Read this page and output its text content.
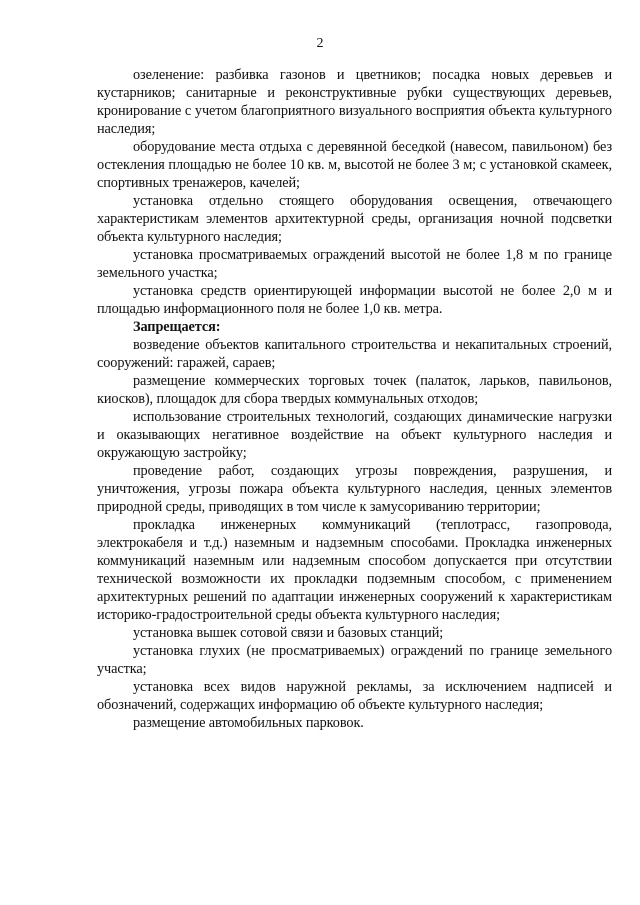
2

озеленение: разбивка газонов и цветников; посадка новых деревьев и кустарников; санитарные и реконструктивные рубки существующих деревьев, кронирование с учетом благоприятного визуального восприятия объекта культурного наследия;

оборудование места отдыха с деревянной беседкой (навесом, павильоном) без остекления площадью не более 10 кв. м, высотой не более 3 м; с установкой скамеек, спортивных тренажеров, качелей;

установка отдельно стоящего оборудования освещения, отвечающего характеристикам элементов архитектурной среды, организация ночной подсветки объекта культурного наследия;

установка просматриваемых ограждений высотой не более 1,8 м по границе земельного участка;

установка средств ориентирующей информации высотой не более 2,0 м и площадью информационного поля не более 1,0 кв. метра.

Запрещается:

возведение объектов капитального строительства и некапитальных строений, сооружений: гаражей, сараев;

размещение коммерческих торговых точек (палаток, ларьков, павильонов, киосков), площадок для сбора твердых коммунальных отходов;

использование строительных технологий, создающих динамические нагрузки и оказывающих негативное воздействие на объект культурного наследия и окружающую застройку;

проведение работ, создающих угрозы повреждения, разрушения, и уничтожения, угрозы пожара объекта культурного наследия, ценных элементов природной среды, приводящих в том числе к замусориванию территории;

прокладка инженерных коммуникаций (теплотрасс, газопровода, электрокабеля и т.д.) наземным и надземным способами. Прокладка инженерных коммуникаций наземным или надземным способом допускается при отсутствии технической возможности их прокладки подземным способом, с применением архитектурных решений по адаптации инженерных сооружений к характеристикам историко-градостроительной среды объекта культурного наследия;

установка вышек сотовой связи и базовых станций;

установка глухих (не просматриваемых) ограждений по границе земельного участка;

установка всех видов наружной рекламы, за исключением надписей и обозначений, содержащих информацию об объекте культурного наследия;

размещение автомобильных парковок.
